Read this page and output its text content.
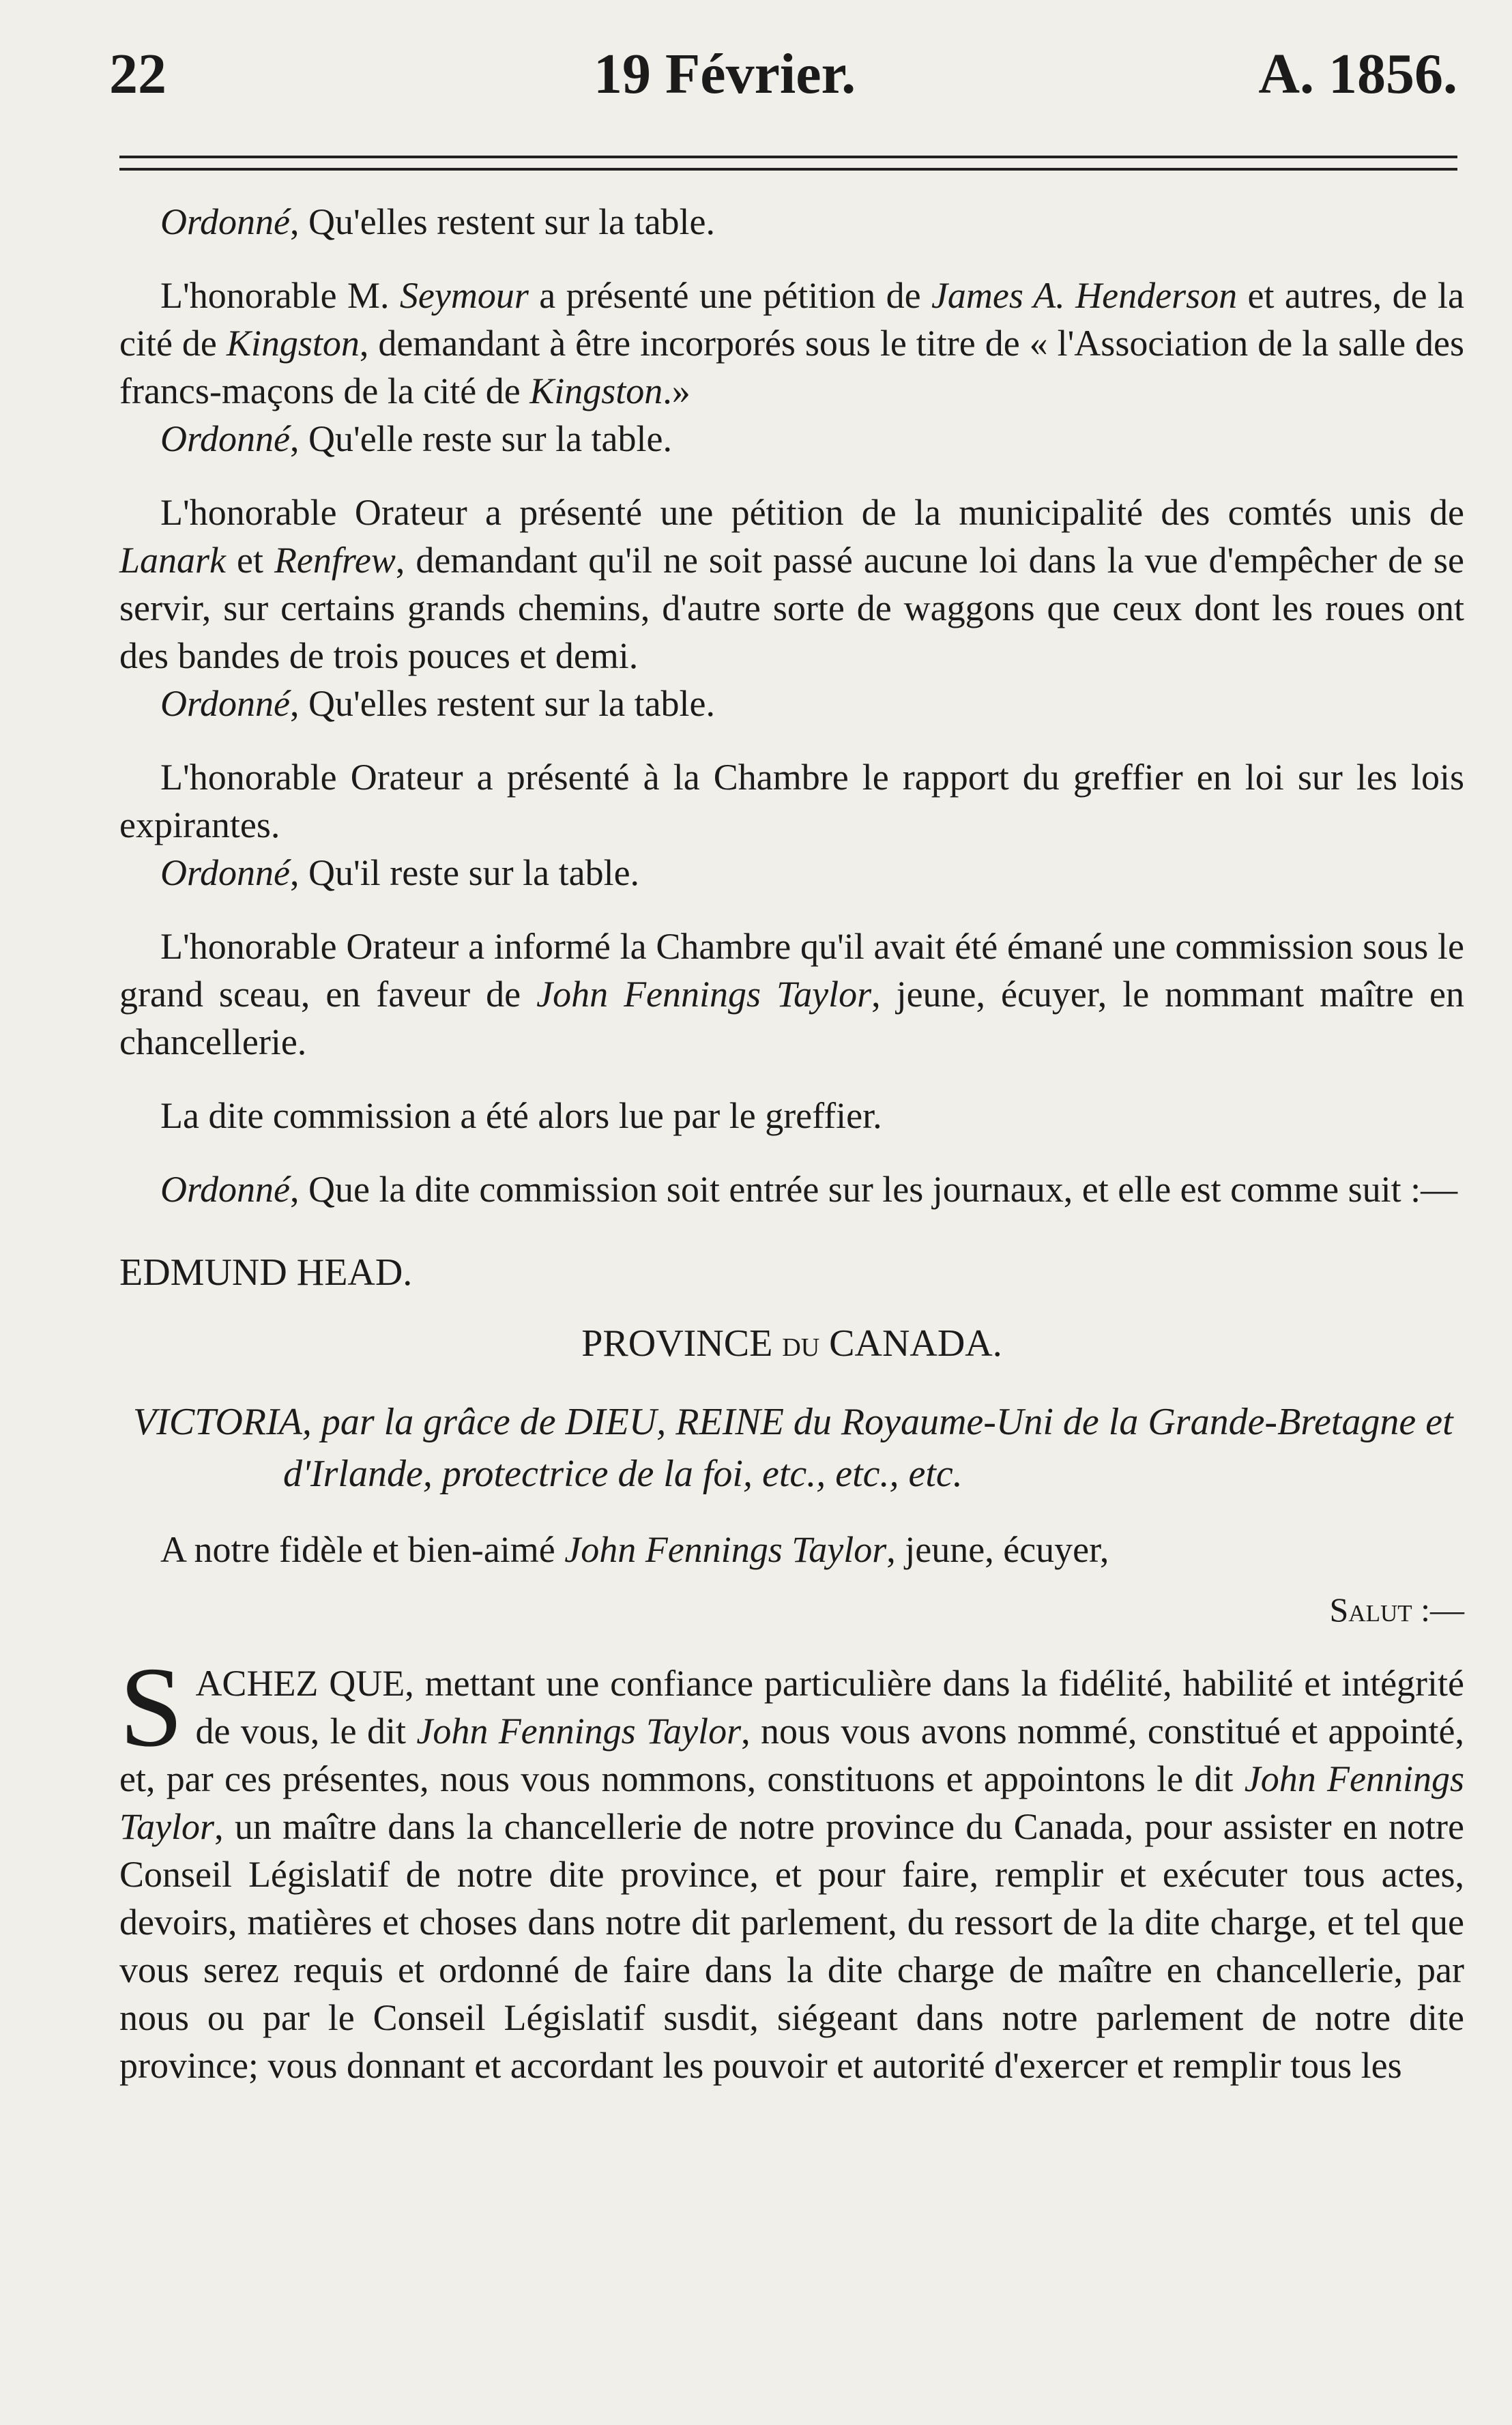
22	19 Février.	A. 1856.

Ordonné, Qu'elles restent sur la table.

L'honorable M. Seymour a présenté une pétition de James A. Henderson et autres, de la cité de Kingston, demandant à être incorporés sous le titre de « l'Association de la salle des francs-maçons de la cité de Kingston.»

Ordonné, Qu'elle reste sur la table.

L'honorable Orateur a présenté une pétition de la municipalité des comtés unis de Lanark et Renfrew, demandant qu'il ne soit passé aucune loi dans la vue d'empêcher de se servir, sur certains grands chemins, d'autre sorte de waggons que ceux dont les roues ont des bandes de trois pouces et demi.

Ordonné, Qu'elles restent sur la table.

L'honorable Orateur a présenté à la Chambre le rapport du greffier en loi sur les lois expirantes.

Ordonné, Qu'il reste sur la table.

L'honorable Orateur a informé la Chambre qu'il avait été émané une commission sous le grand sceau, en faveur de John Fennings Taylor, jeune, écuyer, le nommant maître en chancellerie.

La dite commission a été alors lue par le greffier.

Ordonné, Que la dite commission soit entrée sur les journaux, et elle est comme suit :—

EDMUND HEAD.

PROVINCE DU CANADA.

VICTORIA, par la grâce de DIEU, REINE du Royaume-Uni de la Grande-Bretagne et d'Irlande, protectrice de la foi, etc., etc., etc.

A notre fidèle et bien-aimé John Fennings Taylor, jeune, écuyer,

Salut :—

SACHEZ QUE, mettant une confiance particulière dans la fidélité, habilité et intégrité de vous, le dit John Fennings Taylor, nous vous avons nommé, constitué et appointé, et, par ces présentes, nous vous nommons, constituons et appointons le dit John Fennings Taylor, un maître dans la chancellerie de notre province du Canada, pour assister en notre Conseil Législatif de notre dite province, et pour faire, remplir et exécuter tous actes, devoirs, matières et choses dans notre dit parlement, du ressort de la dite charge, et tel que vous serez requis et ordonné de faire dans la dite charge de maître en chancellerie, par nous ou par le Conseil Législatif susdit, siégeant dans notre parlement de notre dite province; vous donnant et accordant les pouvoir et autorité d'exercer et remplir tous les
